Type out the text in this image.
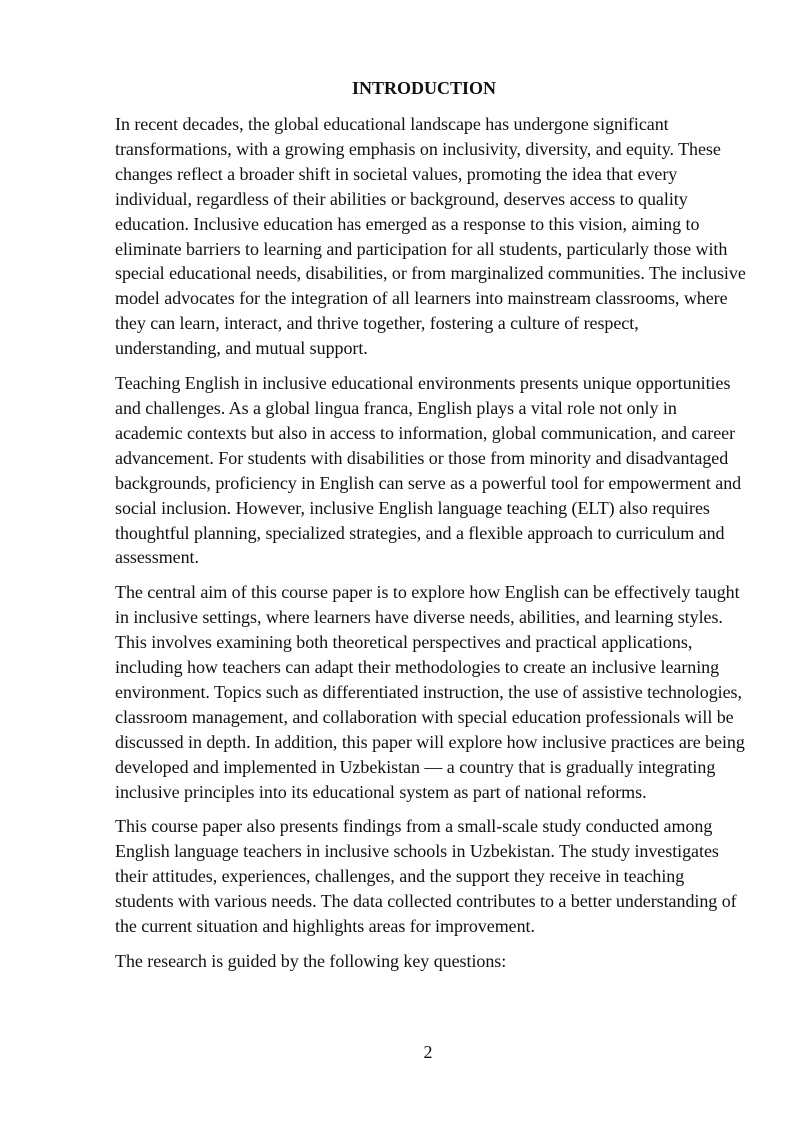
INTRODUCTION

In recent decades, the global educational landscape has undergone significant transformations, with a growing emphasis on inclusivity, diversity, and equity. These changes reflect a broader shift in societal values, promoting the idea that every individual, regardless of their abilities or background, deserves access to quality education. Inclusive education has emerged as a response to this vision, aiming to eliminate barriers to learning and participation for all students, particularly those with special educational needs, disabilities, or from marginalized communities. The inclusive model advocates for the integration of all learners into mainstream classrooms, where they can learn, interact, and thrive together, fostering a culture of respect, understanding, and mutual support.

Teaching English in inclusive educational environments presents unique opportunities and challenges. As a global lingua franca, English plays a vital role not only in academic contexts but also in access to information, global communication, and career advancement. For students with disabilities or those from minority and disadvantaged backgrounds, proficiency in English can serve as a powerful tool for empowerment and social inclusion. However, inclusive English language teaching (ELT) also requires thoughtful planning, specialized strategies, and a flexible approach to curriculum and assessment.

The central aim of this course paper is to explore how English can be effectively taught in inclusive settings, where learners have diverse needs, abilities, and learning styles. This involves examining both theoretical perspectives and practical applications, including how teachers can adapt their methodologies to create an inclusive learning environment. Topics such as differentiated instruction, the use of assistive technologies, classroom management, and collaboration with special education professionals will be discussed in depth. In addition, this paper will explore how inclusive practices are being developed and implemented in Uzbekistan — a country that is gradually integrating inclusive principles into its educational system as part of national reforms.

This course paper also presents findings from a small-scale study conducted among English language teachers in inclusive schools in Uzbekistan. The study investigates their attitudes, experiences, challenges, and the support they receive in teaching students with various needs. The data collected contributes to a better understanding of the current situation and highlights areas for improvement.

The research is guided by the following key questions:

2
